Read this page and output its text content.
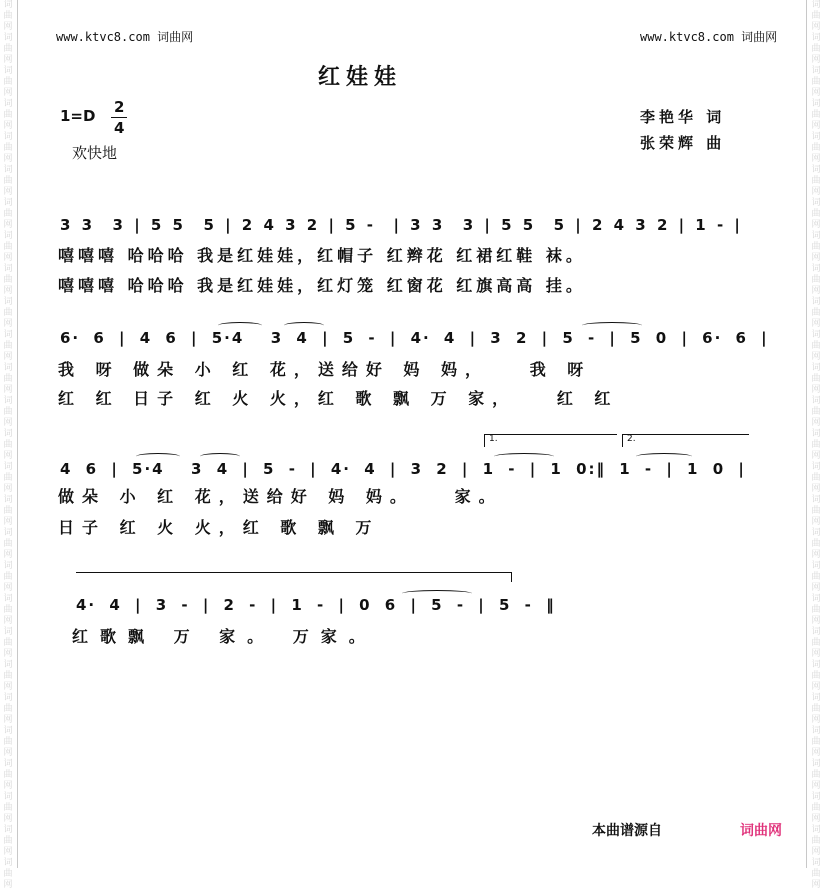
词
曲
网
词
曲
网
词
曲
网
词
曲
网
词
曲
网
词
曲
网
词
曲
网
词
曲
网
词
曲
网
词
曲
网
词
曲
网
词
曲
网
词
曲
网
词
曲
网
词
曲
网
词
曲
网
词
曲
网
词
曲
网
词
曲
网
词
曲
网
词
曲
网
词
曲
网
词
曲
网
词
曲
网
词
曲
网
词
曲
网
词
曲
网
词
曲
网
词
曲
网
词
曲
网
词
曲
网
词
曲
网
词
曲
网
词
曲
网
词
曲
网
词
曲
网
词
曲
网
词
曲
网
词
曲
网
词
曲
网
词
曲
网
词
曲
网
词
曲
网
词
曲
网
词
曲
网
词
曲
网
词
曲
网
词
曲
网
词
曲
网
词
曲
网
词
曲
网
词
曲
网
词
曲
网
词
曲
网
www.ktvc8.com 词曲网	www.ktvc8.com 词曲网
红娃娃
1=D 2
4
欢快地
李艳华 词
张荣辉 曲
3 3  3 | 5 5  5 | 2 4 3 2 | 5 -  | 3 3  3 | 5 5  5 | 2 4 3 2 | 1 - |
嘻嘻嘻 哈哈哈 我是红娃娃，红帽子 红辫花 红裙红鞋 袜。
嘻嘻嘻 哈哈哈 我是红娃娃，红灯笼 红窗花 红旗高高 挂。
6· 6 | 4 6 | 5·4  3 4 | 5 - | 4· 4 | 3 2 | 5 - | 5 0 | 6· 6 |
我 呀 做朵 小 红 花，送给好 妈 妈，   我 呀
红 红 日子 红 火 火，红 歌 飘 万 家，   红 红
1.	2.
4 6 | 5·4  3 4 | 5 - | 4· 4 | 3 2 | 1 - | 1 0:‖ 1 - | 1 0 |
做朵 小 红 花，送给好 妈 妈。   家。
日子 红 火 火，红 歌 飘 万
4· 4 | 3 - | 2 - | 1 - | 0 6 | 5 - | 5 - ‖
红歌飘 万 家。 万家。
本曲谱源自	词曲网
